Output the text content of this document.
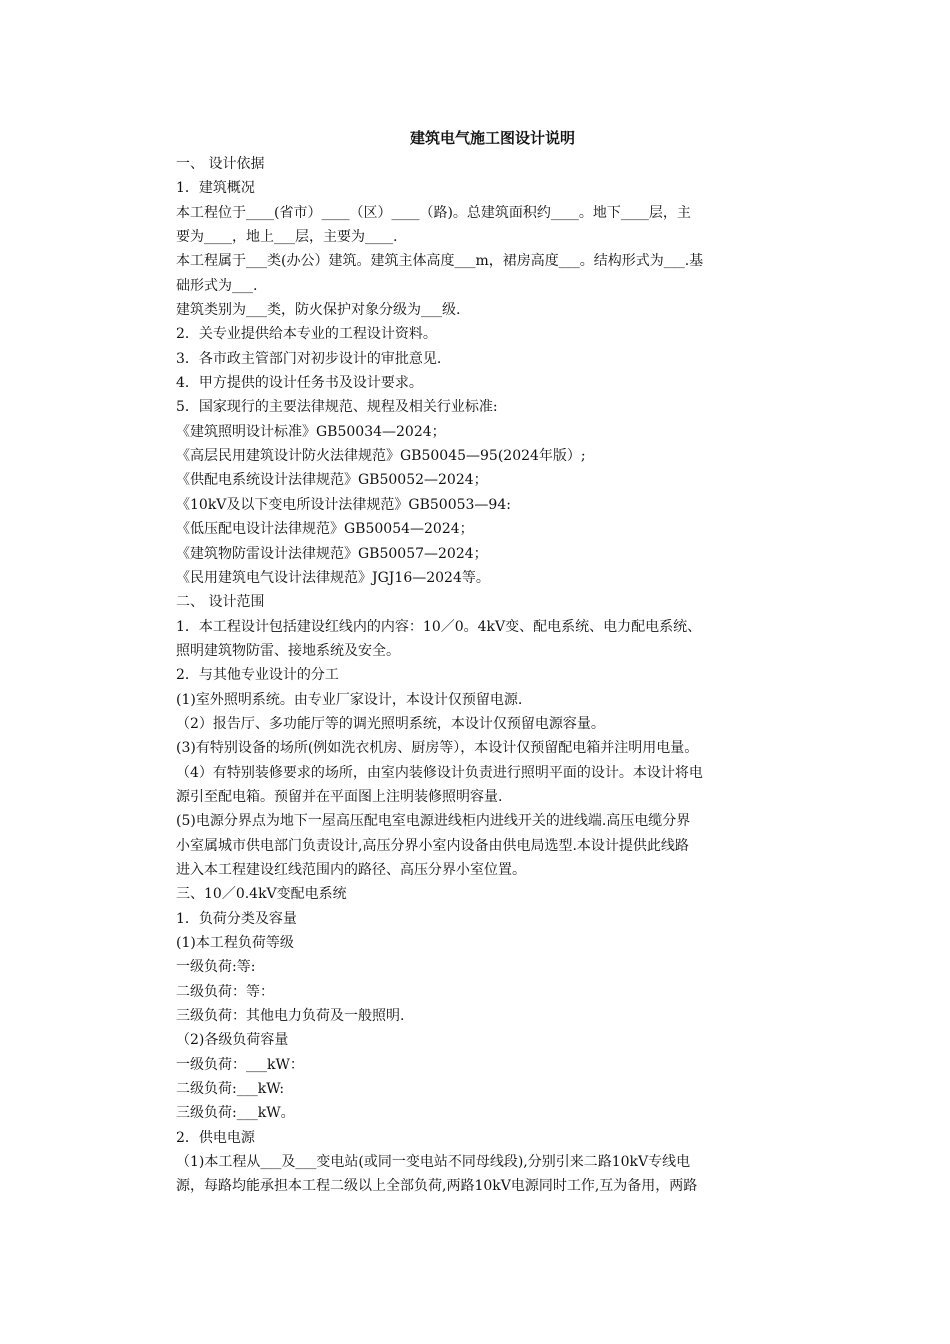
建筑电气施工图设计说明

一、 设计依据

1．建筑概况

本工程位于____(省市）____（区）____（路)。总建筑面积约____。地下____层，主

要为____，地上___层，主要为____.

本工程属于___类(办公）建筑。建筑主体高度___m，裙房高度___。结构形式为___.基

础形式为___.

建筑类别为___类，防火保护对象分级为___级.

2．关专业提供给本专业的工程设计资料。

3．各市政主管部门对初步设计的审批意见.

4．甲方提供的设计任务书及设计要求。

5．国家现行的主要法律规范、规程及相关行业标准:

《建筑照明设计标准》GB50034—2024；

《高层民用建筑设计防火法律规范》GB50045—95(2024年版）;

《供配电系统设计法律规范》GB50052—2024；

《10kV及以下变电所设计法律规范》GB50053—94:

《低压配电设计法律规范》GB50054—2024；

《建筑物防雷设计法律规范》GB50057—2024；

《民用建筑电气设计法律规范》JGJ16—2024等。

二、 设计范围

1．本工程设计包括建设红线内的内容：10／0。4kV变、配电系统、电力配电系统、

照明建筑物防雷、接地系统及安全。

2．与其他专业设计的分工

(1)室外照明系统。由专业厂家设计，本设计仅预留电源.

（2）报告厅、多功能厅等的调光照明系统，本设计仅预留电源容量。

(3)有特别设备的场所(例如洗衣机房、厨房等），本设计仅预留配电箱并注明用电量。

（4）有特别装修要求的场所，由室内装修设计负责进行照明平面的设计。本设计将电

源引至配电箱。预留并在平面图上注明装修照明容量.

(5)电源分界点为地下一屋高压配电室电源进线柜内进线开关的进线端.高压电缆分界

小室属城市供电部门负责设计,高压分界小室内设备由供电局选型.本设计提供此线路

进入本工程建设红线范围内的路径、高压分界小室位置。

三、10／0.4kV变配电系统

1．负荷分类及容量

(1)本工程负荷等级

一级负荷:等:

二级负荷：等：

三级负荷：其他电力负荷及一般照明.

（2)各级负荷容量

一级负荷：___kW：

二级负荷:___kW:

三级负荷:___kW。

2．供电电源

（1)本工程从___及___变电站(或同一变电站不同母线段),分别引来二路10kV专线电

源，每路均能承担本工程二级以上全部负荷,两路10kV电源同时工作,互为备用，两路
